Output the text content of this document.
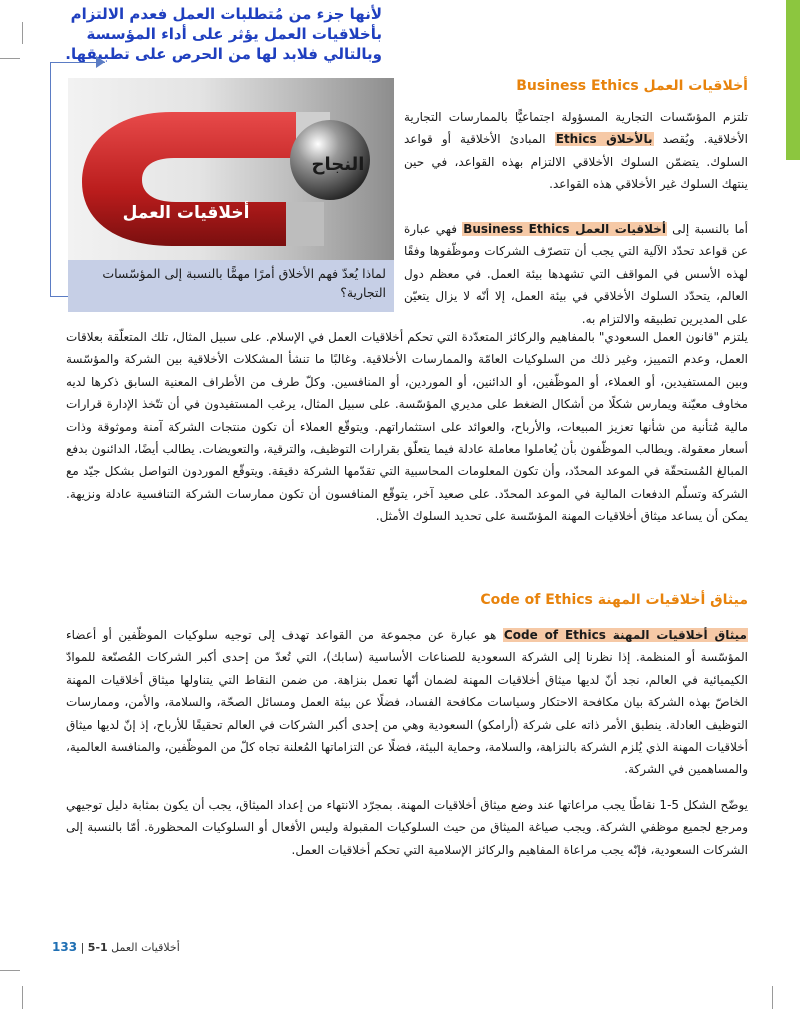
لأنها جزء من مُتطلبات العمل فعدم الالتزام
بأخلاقيات العمل يؤثر على أداء المؤسسة
وبالتالي فلابد لها من الحرص على تطبيقها.
أخلاقيات العمل
النجاح
لماذا يُعدّ فهم الأخلاق أمرًا مهمًّا بالنسبة إلى المؤسّسات التجارية؟
أخلاقيات العمل Business Ethics

تلتزم المؤسّسات التجارية المسؤولة اجتماعيًّا بالممارسات التجارية الأخلاقية. ويُقصد بالأخلاق Ethics المبادئ الأخلاقية أو قواعد السلوك. يتضمّن السلوك الأخلاقي الالتزام بهذه القواعد، في حين ينتهك السلوك غير الأخلاقي هذه القواعد.

أما بالنسبة إلى أخلاقيات العمل Business Ethics فهي عبارة عن قواعد تحدّد الآلية التي يجب أن تتصرّف الشركات وموظّفوها وفقًا لهذه الأسس في المواقف التي تشهدها بيئة العمل. في معظم دول العالم، يتحدّد السلوك الأخلاقي في بيئة العمل، إلا أنّه لا يزال يتعيّن على المديرين تطبيقه والالتزام به.

يلتزم "قانون العمل السعودي" بالمفاهيم والركائز المتعدّدة التي تحكم أخلاقيات العمل في الإسلام. على سبيل المثال، تلك المتعلّقة بعلاقات العمل، وعدم التمييز، وغير ذلك من السلوكيات العامّة والممارسات الأخلاقية. وغالبًا ما تنشأ المشكلات الأخلاقية بين الشركة والمؤسّسة وبين المستفيدين، أو العملاء، أو الموظّفين، أو الدائنين، أو الموردين، أو المنافسين. وكلّ طرف من الأطراف المعنية السابق ذكرها لديه مخاوف معيّنة ويمارس شكلًا من أشكال الضغط على مديري المؤسّسة. على سبيل المثال، يرغب المستفيدون في أن تتّخذ الإدارة قرارات مالية مُتأنية من شأنها تعزيز المبيعات، والأرباح، والعوائد على استثماراتهم. ويتوقّع العملاء أن تكون منتجات الشركة آمنة وموثوقة وذات أسعار معقولة. ويطالب الموظّفون بأن يُعاملوا معاملة عادلة فيما يتعلّق بقرارات التوظيف، والترقية، والتعويضات. يطالب أيضًا، الدائنون بدفع المبالغ المُستحقّة في الموعد المحدّد، وأن تكون المعلومات المحاسبية التي تقدّمها الشركة دقيقة. ويتوقّع الموردون التواصل بشكل جيّد مع الشركة وتسلّم الدفعات المالية في الموعد المحدّد. على صعيد آخر، يتوقّع المنافسون أن تكون ممارسات الشركة التنافسية عادلة ونزيهة. يمكن أن يساعد ميثاق أخلاقيات المهنة المؤسّسة على تحديد السلوك الأمثل.

ميثاق أخلاقيات المهنة Code of Ethics

ميثاق أخلاقيات المهنة Code of Ethics هو عبارة عن مجموعة من القواعد تهدف إلى توجيه سلوكيات الموظّفين أو أعضاء المؤسّسة أو المنظمة. إذا نظرنا إلى الشركة السعودية للصناعات الأساسية (سابك)، التي تُعدّ من إحدى أكبر الشركات المُصنّعة للموادّ الكيميائية في العالم، نجد أنّ لديها ميثاق أخلاقيات المهنة لضمان أنّها تعمل بنزاهة. من ضمن النقاط التي يتناولها ميثاق أخلاقيات المهنة الخاصّ بهذه الشركة بيان مكافحة الاحتكار وسياسات مكافحة الفساد، فضلًا عن بيئة العمل ومسائل الصحّة، والسلامة، والأمن، وممارسات التوظيف العادلة. ينطبق الأمر ذاته على شركة (أرامكو) السعودية وهي من إحدى أكبر الشركات في العالم تحقيقًا للأرباح، إذ إنّ لديها ميثاق أخلاقيات المهنة الذي يُلزم الشركة بالنزاهة، والسلامة، وحماية البيئة، فضلًا عن التزاماتها المُعلنة تجاه كلّ من الموظّفين، والمنافسة العالمية، والمساهمين في الشركة.

يوضّح الشكل 5-1 نقاطًا يجب مراعاتها عند وضع ميثاق أخلاقيات المهنة. بمجرّد الانتهاء من إعداد الميثاق، يجب أن يكون بمثابة دليل توجيهي ومرجع لجميع موظفي الشركة. ويجب صياغة الميثاق من حيث السلوكيات المقبولة وليس الأفعال أو السلوكيات المحظورة. أمّا بالنسبة إلى الشركات السعودية، فإنّه يجب مراعاة المفاهيم والركائز الإسلامية التي تحكم أخلاقيات العمل.

133 | أخلاقيات العمل 1-5
